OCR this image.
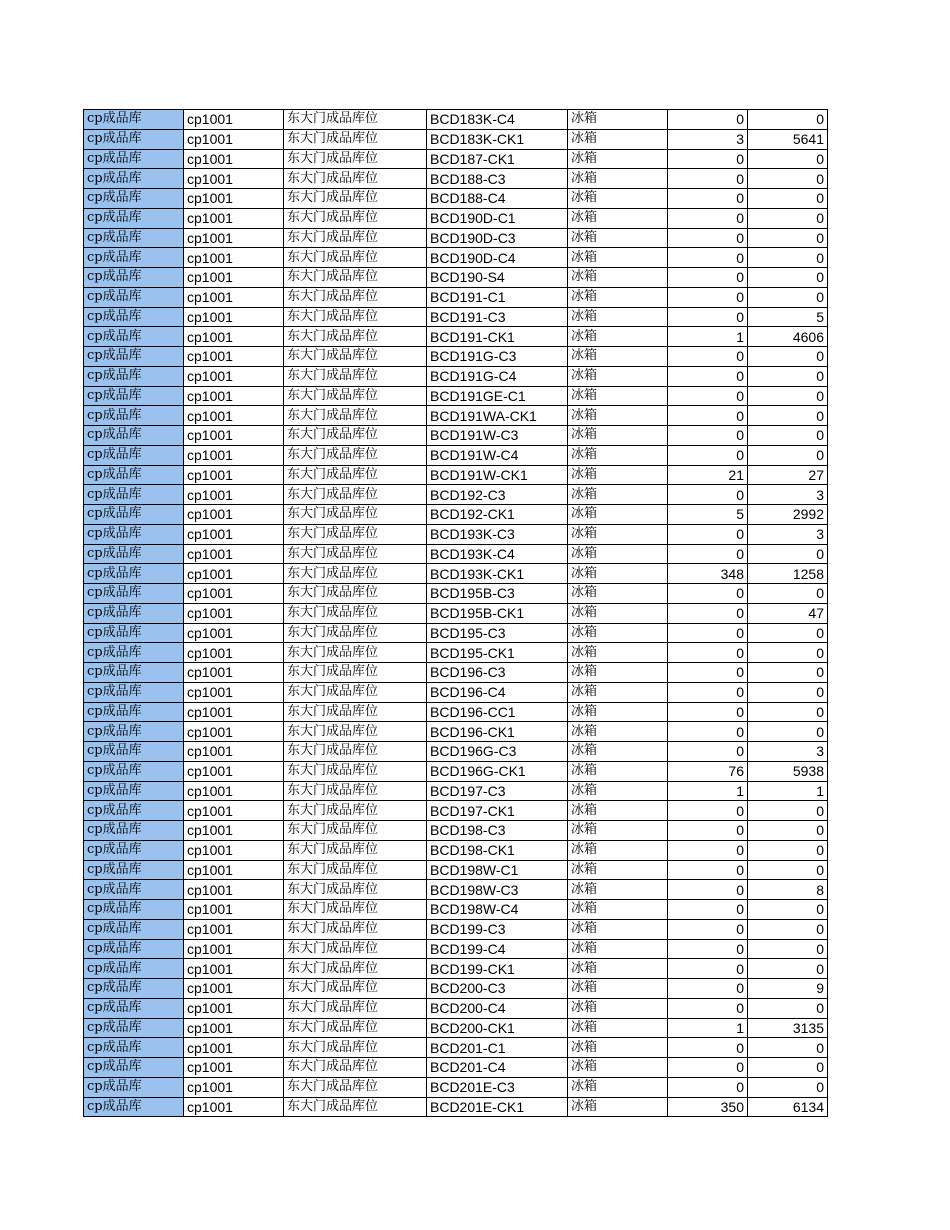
cp成品库	cp1001	东大门成品库位	BCD183K-C4	冰箱	0	0
cp成品库	cp1001	东大门成品库位	BCD183K-CK1	冰箱	3	5641
cp成品库	cp1001	东大门成品库位	BCD187-CK1	冰箱	0	0
cp成品库	cp1001	东大门成品库位	BCD188-C3	冰箱	0	0
cp成品库	cp1001	东大门成品库位	BCD188-C4	冰箱	0	0
cp成品库	cp1001	东大门成品库位	BCD190D-C1	冰箱	0	0
cp成品库	cp1001	东大门成品库位	BCD190D-C3	冰箱	0	0
cp成品库	cp1001	东大门成品库位	BCD190D-C4	冰箱	0	0
cp成品库	cp1001	东大门成品库位	BCD190-S4	冰箱	0	0
cp成品库	cp1001	东大门成品库位	BCD191-C1	冰箱	0	0
cp成品库	cp1001	东大门成品库位	BCD191-C3	冰箱	0	5
cp成品库	cp1001	东大门成品库位	BCD191-CK1	冰箱	1	4606
cp成品库	cp1001	东大门成品库位	BCD191G-C3	冰箱	0	0
cp成品库	cp1001	东大门成品库位	BCD191G-C4	冰箱	0	0
cp成品库	cp1001	东大门成品库位	BCD191GE-C1	冰箱	0	0
cp成品库	cp1001	东大门成品库位	BCD191WA-CK1	冰箱	0	0
cp成品库	cp1001	东大门成品库位	BCD191W-C3	冰箱	0	0
cp成品库	cp1001	东大门成品库位	BCD191W-C4	冰箱	0	0
cp成品库	cp1001	东大门成品库位	BCD191W-CK1	冰箱	21	27
cp成品库	cp1001	东大门成品库位	BCD192-C3	冰箱	0	3
cp成品库	cp1001	东大门成品库位	BCD192-CK1	冰箱	5	2992
cp成品库	cp1001	东大门成品库位	BCD193K-C3	冰箱	0	3
cp成品库	cp1001	东大门成品库位	BCD193K-C4	冰箱	0	0
cp成品库	cp1001	东大门成品库位	BCD193K-CK1	冰箱	348	1258
cp成品库	cp1001	东大门成品库位	BCD195B-C3	冰箱	0	0
cp成品库	cp1001	东大门成品库位	BCD195B-CK1	冰箱	0	47
cp成品库	cp1001	东大门成品库位	BCD195-C3	冰箱	0	0
cp成品库	cp1001	东大门成品库位	BCD195-CK1	冰箱	0	0
cp成品库	cp1001	东大门成品库位	BCD196-C3	冰箱	0	0
cp成品库	cp1001	东大门成品库位	BCD196-C4	冰箱	0	0
cp成品库	cp1001	东大门成品库位	BCD196-CC1	冰箱	0	0
cp成品库	cp1001	东大门成品库位	BCD196-CK1	冰箱	0	0
cp成品库	cp1001	东大门成品库位	BCD196G-C3	冰箱	0	3
cp成品库	cp1001	东大门成品库位	BCD196G-CK1	冰箱	76	5938
cp成品库	cp1001	东大门成品库位	BCD197-C3	冰箱	1	1
cp成品库	cp1001	东大门成品库位	BCD197-CK1	冰箱	0	0
cp成品库	cp1001	东大门成品库位	BCD198-C3	冰箱	0	0
cp成品库	cp1001	东大门成品库位	BCD198-CK1	冰箱	0	0
cp成品库	cp1001	东大门成品库位	BCD198W-C1	冰箱	0	0
cp成品库	cp1001	东大门成品库位	BCD198W-C3	冰箱	0	8
cp成品库	cp1001	东大门成品库位	BCD198W-C4	冰箱	0	0
cp成品库	cp1001	东大门成品库位	BCD199-C3	冰箱	0	0
cp成品库	cp1001	东大门成品库位	BCD199-C4	冰箱	0	0
cp成品库	cp1001	东大门成品库位	BCD199-CK1	冰箱	0	0
cp成品库	cp1001	东大门成品库位	BCD200-C3	冰箱	0	9
cp成品库	cp1001	东大门成品库位	BCD200-C4	冰箱	0	0
cp成品库	cp1001	东大门成品库位	BCD200-CK1	冰箱	1	3135
cp成品库	cp1001	东大门成品库位	BCD201-C1	冰箱	0	0
cp成品库	cp1001	东大门成品库位	BCD201-C4	冰箱	0	0
cp成品库	cp1001	东大门成品库位	BCD201E-C3	冰箱	0	0
cp成品库	cp1001	东大门成品库位	BCD201E-CK1	冰箱	350	6134
